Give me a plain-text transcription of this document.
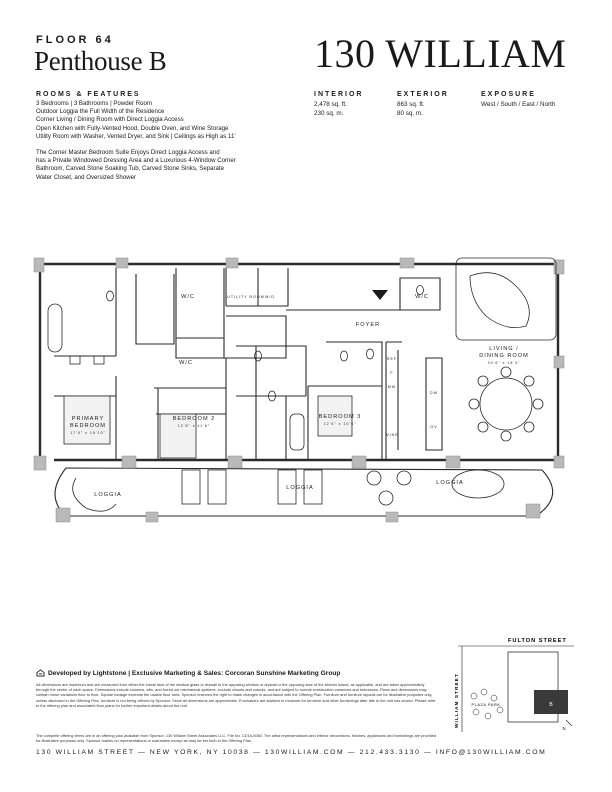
FLOOR 64
Penthouse B	130 WILLIAM
ROOMS & FEATURES
3 Bedrooms | 3 Bathrooms | Powder Room
Outdoor Loggia the Full Width of the Residence
Corner Living / Dining Room with Direct Loggia Access
Open Kitchen with Fully-Vented Hood, Double Oven, and Wine Storage
Utility Room with Washer, Vented Dryer, and Sink | Ceilings as High as 11'
The Corner Master Bedroom Suite Enjoys Direct Loggia Access and
has a Private Windowed Dressing Area and a Luxurious 4-Window Corner
Bathroom, Carved Stone Soaking Tub, Carved Stone Sinks, Separate
Water Closet, and Oversized Shower
INTERIOR
2,478 sq. ft.
230 sq. m.
EXTERIOR
863 sq. ft.
80 sq. m.
EXPOSURE
West / South / East / North
W/C	UTILITY ROOM W/D
W/C
W/C
FOYER
LIVING /
DINING ROOM
30'6" x 18'3"
PRIMARY
BEDROOM
17'0" x 16'10"
BEDROOM 2
12'8" x 11'6"
BEDROOM 3
12'6" x 10'6"
REF
F
MW
WINE
DW
OV
LOGGIA
LOGGIA
LOGGIA
Developed by Lightstone | Exclusive Marketing & Sales: Corcoran Sunshine Marketing Group
All dimensions are maximum and are measured from either the inside face of the window glass or drywall to the opposing window or drywall or the opposing face of the kitchen island, as applicable, and are taken approximately through the center of each space. Dimensions include columns, sills, and furred out mechanical systems, exclude closets and cutouts, and are subject to normal construction variances and tolerances. Plans and dimensions may contain minor variations floor to floor. Square footage exceeds the usable floor area. Sponsor reserves the right to make changes in accordance with the Offering Plan. Furniture and furniture layouts are for illustrative purposes only, unless disclosed in the Offering Plan, furniture is not being offered by Sponsor. Since all dimensions are approximate. Purchasers are advised to measure for furniture and other furnishings after title to the unit has closed. Please refer to the offering plan and associated floor plans for further important details about the unit.
The complete offering terms are in an offering plan available from Sponsor. 130 William Street Associates LLC. File No. CD16-0060. The artist representations and interior decorations, finishes, appliances and furnishings are provided for illustrative purposes only. Sponsor makes no representations or warranties except as may be set forth in the Offering Plan.
FULTON STREET
WILLIAM STREET	B
PLAZA PARK
N
130 WILLIAM STREET — NEW YORK, NY 10038 — 130WILLIAM.COM — 212.433.3130 — INFO@130WILLIAM.COM
